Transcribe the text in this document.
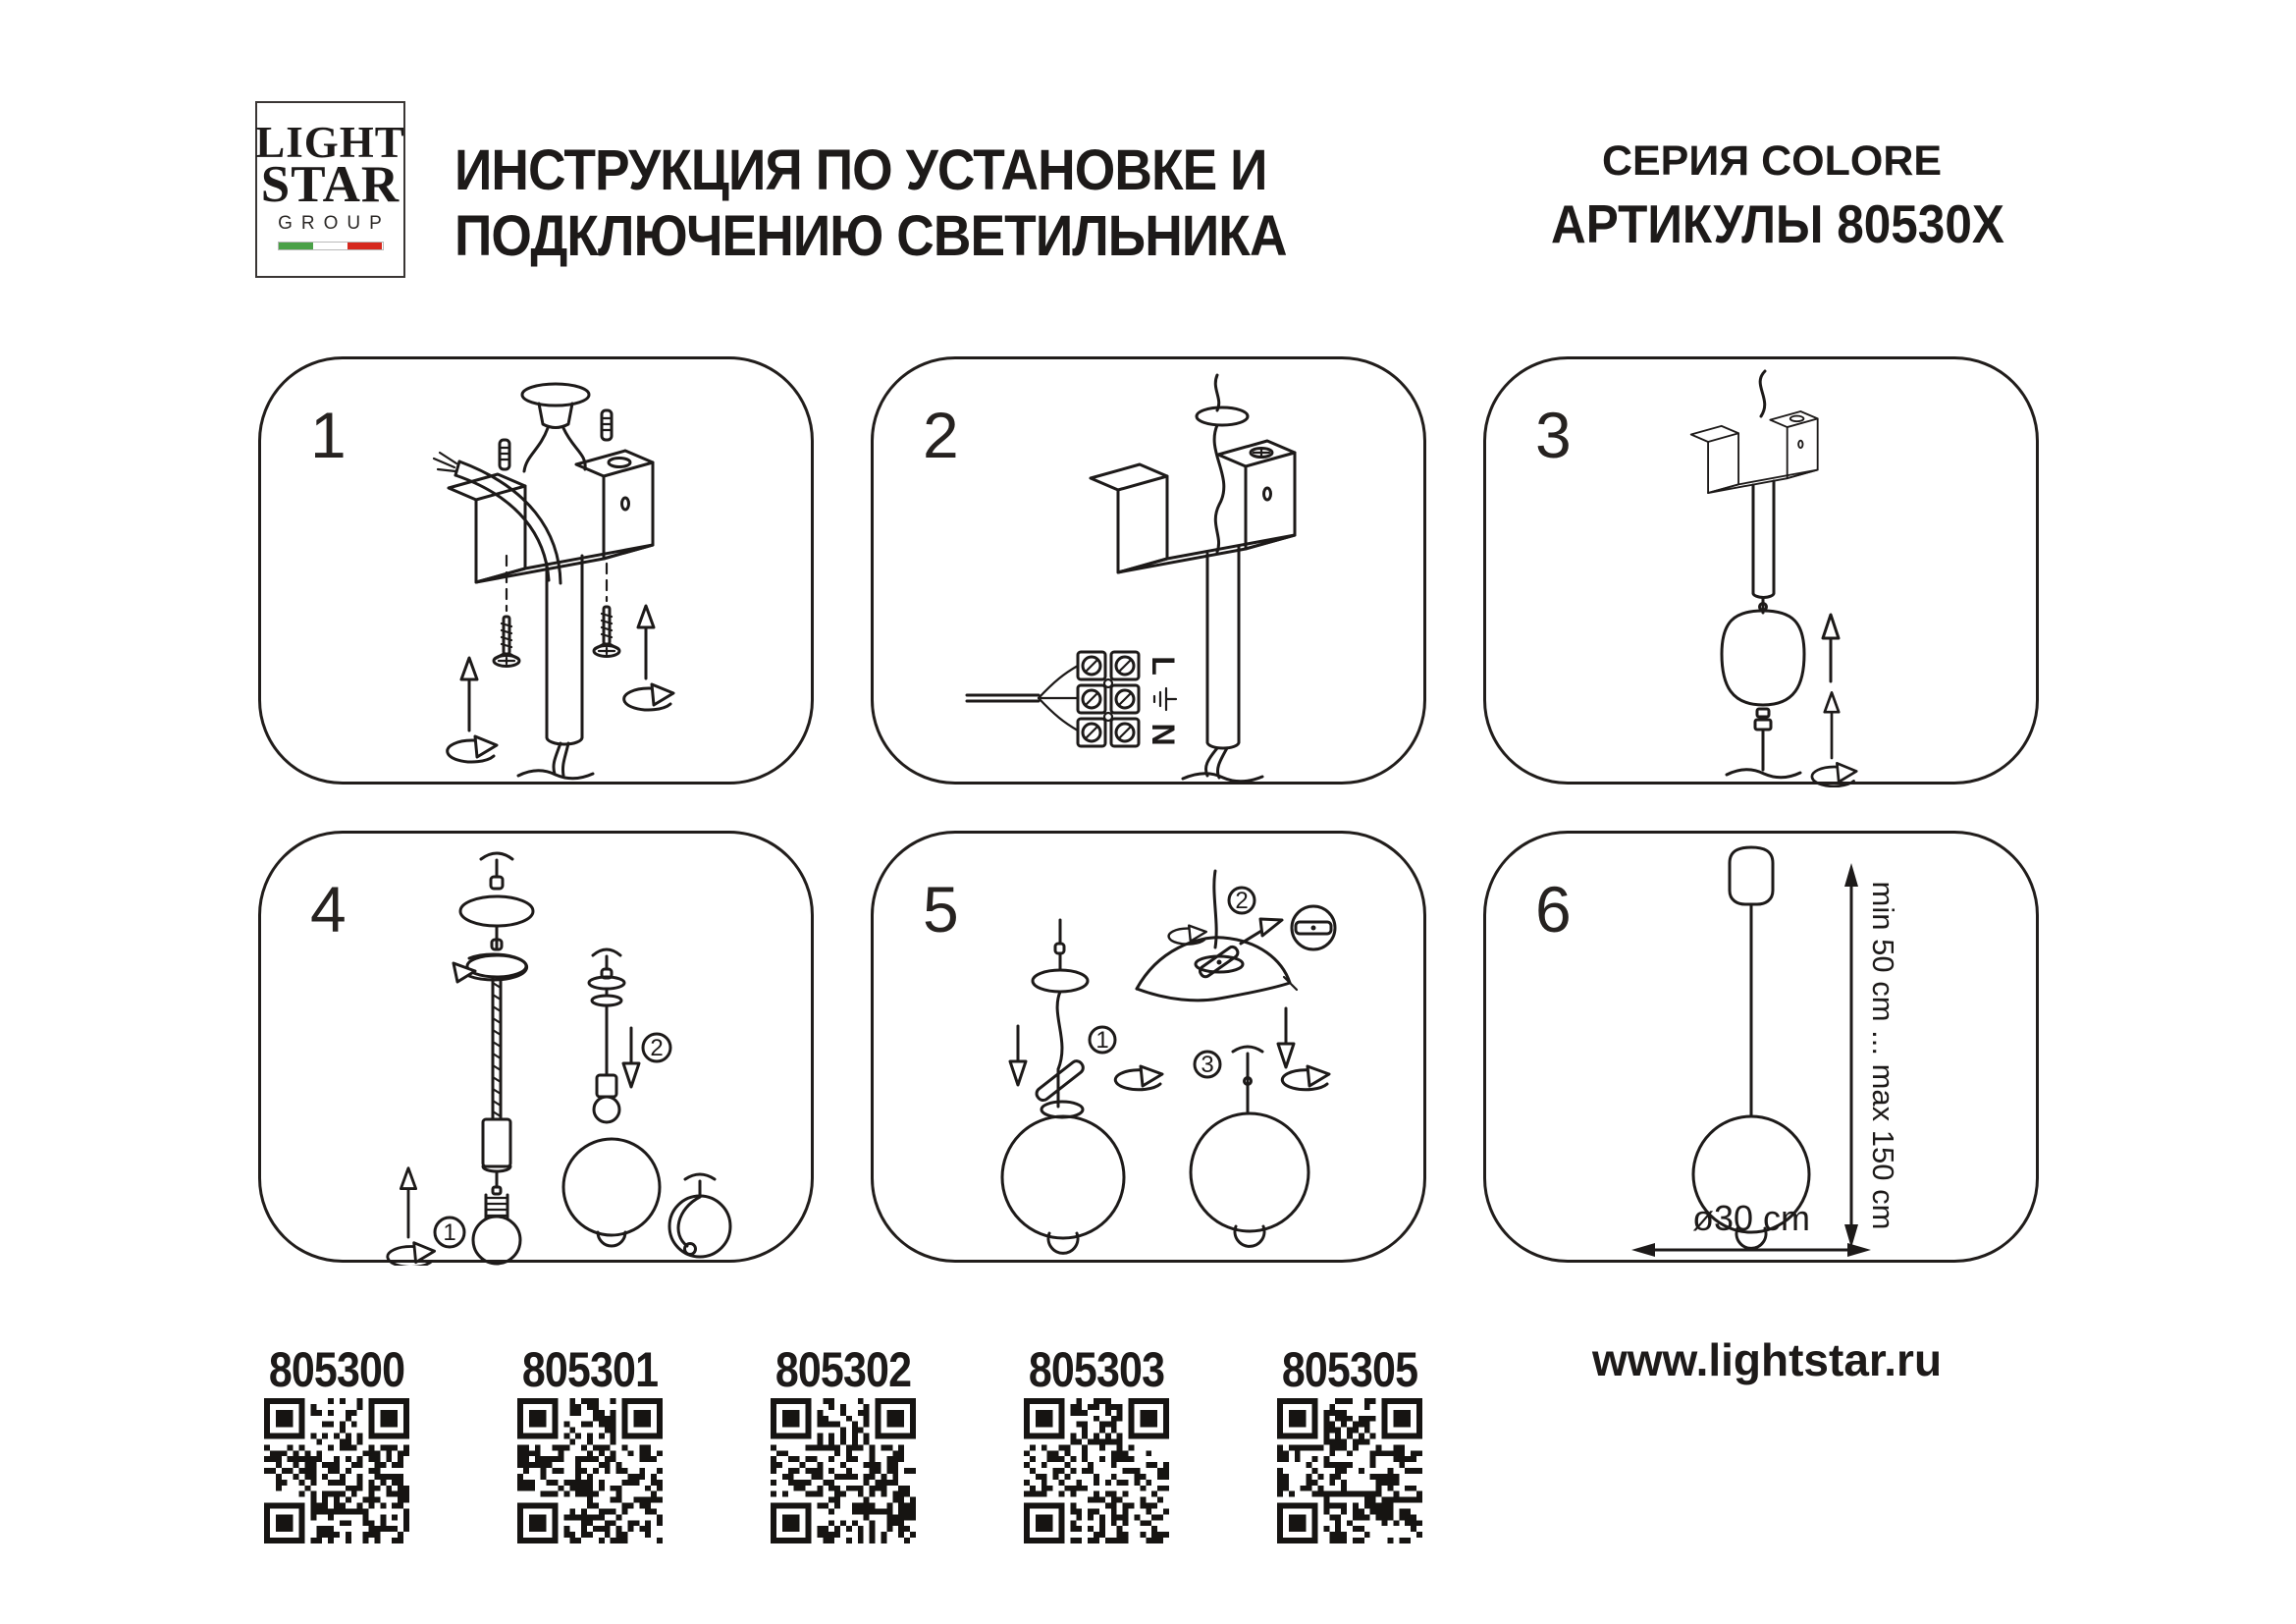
LIGHT
STAR
GROUP
ИНСТРУКЦИЯ ПО УСТАНОВКЕ И
ПОДКЛЮЧЕНИЮ СВЕТИЛЬНИКА
СЕРИЯ COLORE
АРТИКУЛЫ 80530X
1	2
L
N
3
4
1
2
5
1
2
3
6	min 50 cm ... max 150 cm
ø30 cm
805300	805301	805302	805303	805305	www.lightstar.ru
